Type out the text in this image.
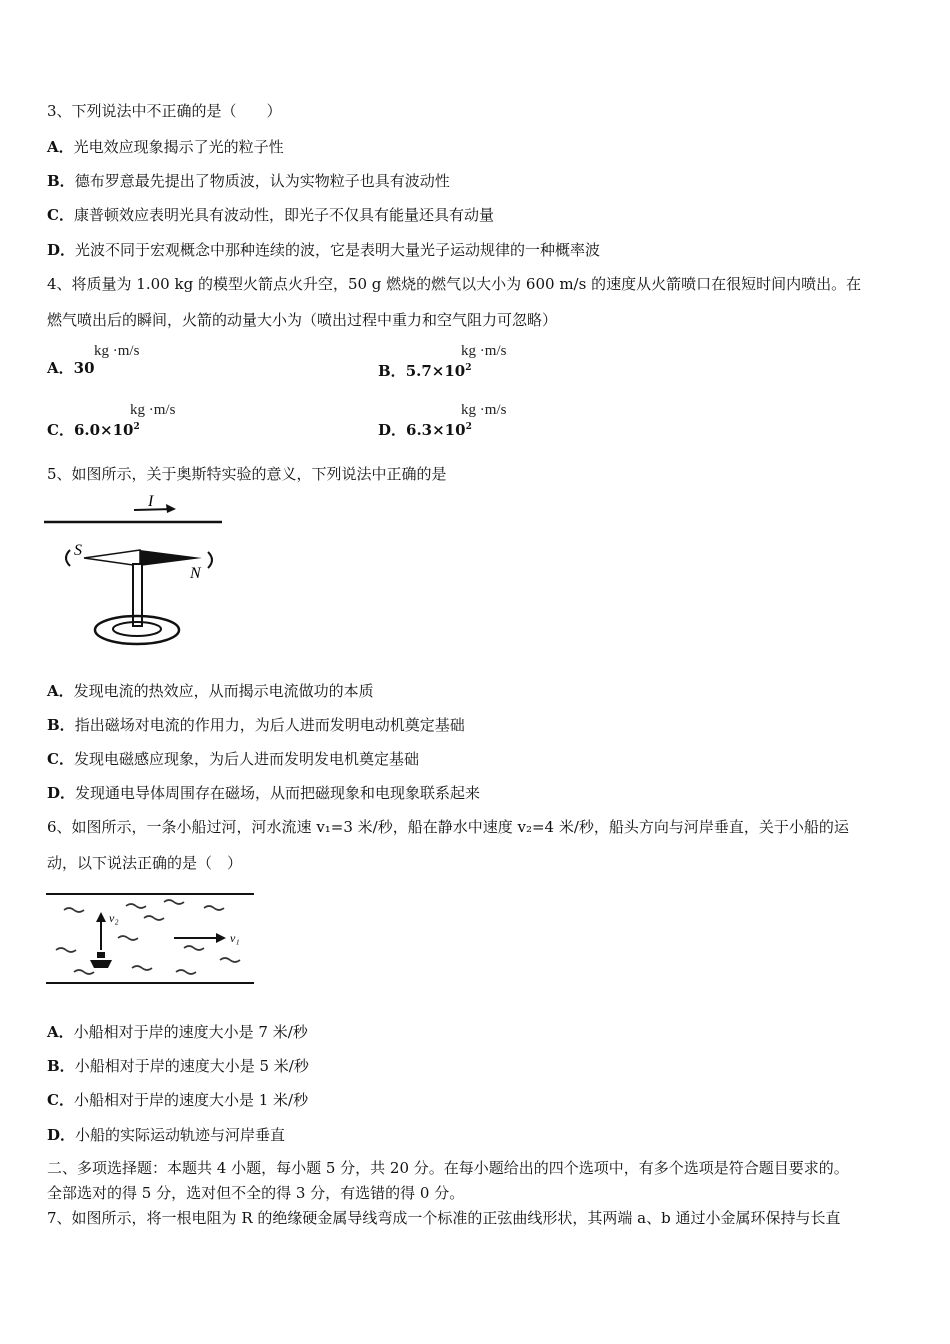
3、下列说法中不正确的是（　　）
A．光电效应现象揭示了光的粒子性
B．德布罗意最先提出了物质波，认为实物粒子也具有波动性
C．康普顿效应表明光具有波动性，即光子不仅具有能量还具有动量
D．光波不同于宏观概念中那种连续的波，它是表明大量光子运动规律的一种概率波
4、将质量为 1.00 kg 的模型火箭点火升空，50 g 燃烧的燃气以大小为 600 m/s 的速度从火箭喷口在很短时间内喷出。在
燃气喷出后的瞬间，火箭的动量大小为（喷出过程中重力和空气阻力可忽略）
A．30
kg ·m/s
B．$5.7\times 10^2$
kg ·m/s
C．$6.0\times 10^2$
kg ·m/s
D．$6.3\times 10^2$
kg ·m/s
5、如图所示，关于奥斯特实验的意义，下列说法中正确的是
I
S
N
A．发现电流的热效应，从而揭示电流做功的本质
B．指出磁场对电流的作用力，为后人进而发明电动机奠定基础
C．发现电磁感应现象，为后人进而发明发电机奠定基础
D．发现通电导体周围存在磁场，从而把磁现象和电现象联系起来
6、如图所示，一条小船过河，河水流速 v₁=3 米/秒，船在静水中速度 v₂=4 米/秒，船头方向与河岸垂直，关于小船的运
动，以下说法正确的是（　）
v₂
v₁
A．小船相对于岸的速度大小是 7 米/秒
B．小船相对于岸的速度大小是 5 米/秒
C．小船相对于岸的速度大小是 1 米/秒
D．小船的实际运动轨迹与河岸垂直
二、多项选择题：本题共 4 小题，每小题 5 分，共 20 分。在每小题给出的四个选项中，有多个选项是符合题目要求的。
全部选对的得 5 分，选对但不全的得 3 分，有选错的得 0 分。
7、如图所示，将一根电阻为 R 的绝缘硬金属导线弯成一个标准的正弦曲线形状，其两端 a、b 通过小金属环保持与长直
